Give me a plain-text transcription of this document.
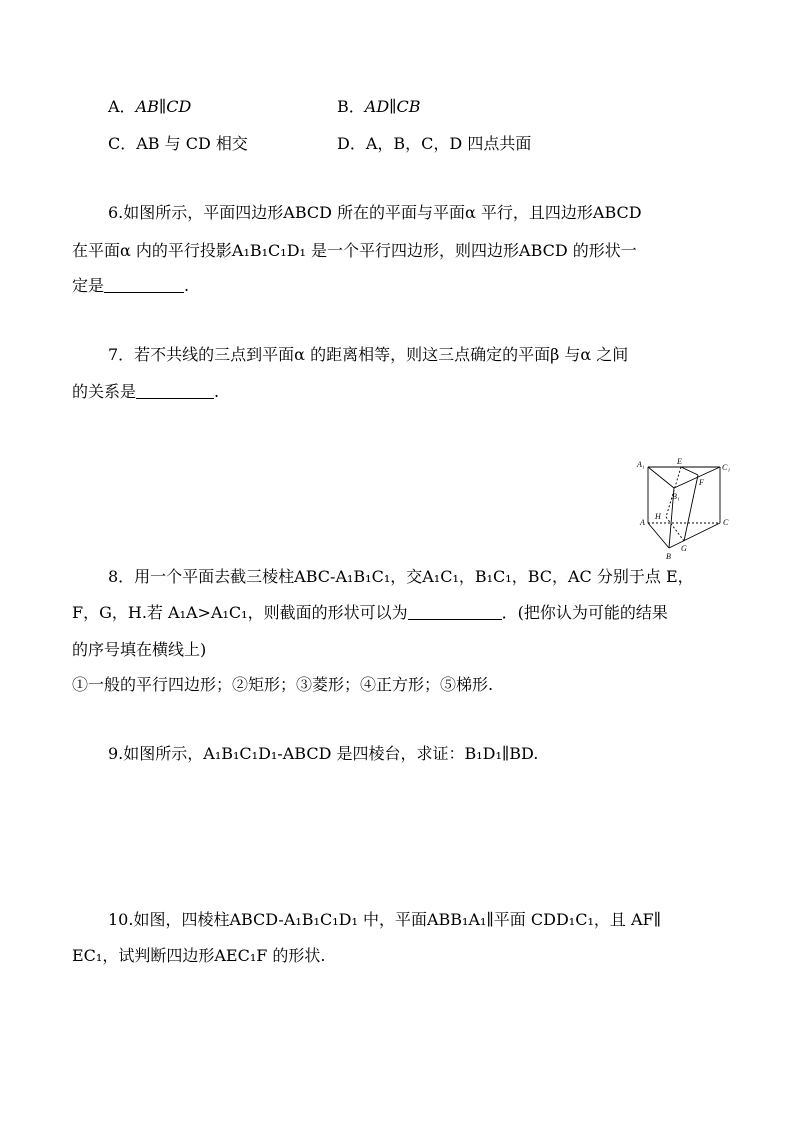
A．AB∥CD	B．AD∥CB
C．AB 与 CD 相交	D．A，B，C，D 四点共面
6.如图所示，平面四边形ABCD 所在的平面与平面α 平行，且四边形ABCD
在平面α 内的平行投影A₁B₁C₁D₁ 是一个平行四边形，则四边形ABCD 的形状一
定是	.
7．若不共线的三点到平面α 的距离相等，则这三点确定的平面β 与α 之间
的关系是	.
A₁	E
C₁
B₁
F
H
A	C
G
B
8．用一个平面去截三棱柱ABC-A₁B₁C₁，交A₁C₁，B₁C₁，BC，AC 分别于点 E，
F，G，H.若 A₁A>A₁C₁，则截面的形状可以为	．(把你认为可能的结果
的序号填在横线上)
①一般的平行四边形；②矩形；③菱形；④正方形；⑤梯形.
9.如图所示，A₁B₁C₁D₁-ABCD 是四棱台，求证：B₁D₁∥BD.
10.如图，四棱柱ABCD-A₁B₁C₁D₁ 中，平面ABB₁A₁∥平面 CDD₁C₁，且 AF∥
EC₁，试判断四边形AEC₁F 的形状.
